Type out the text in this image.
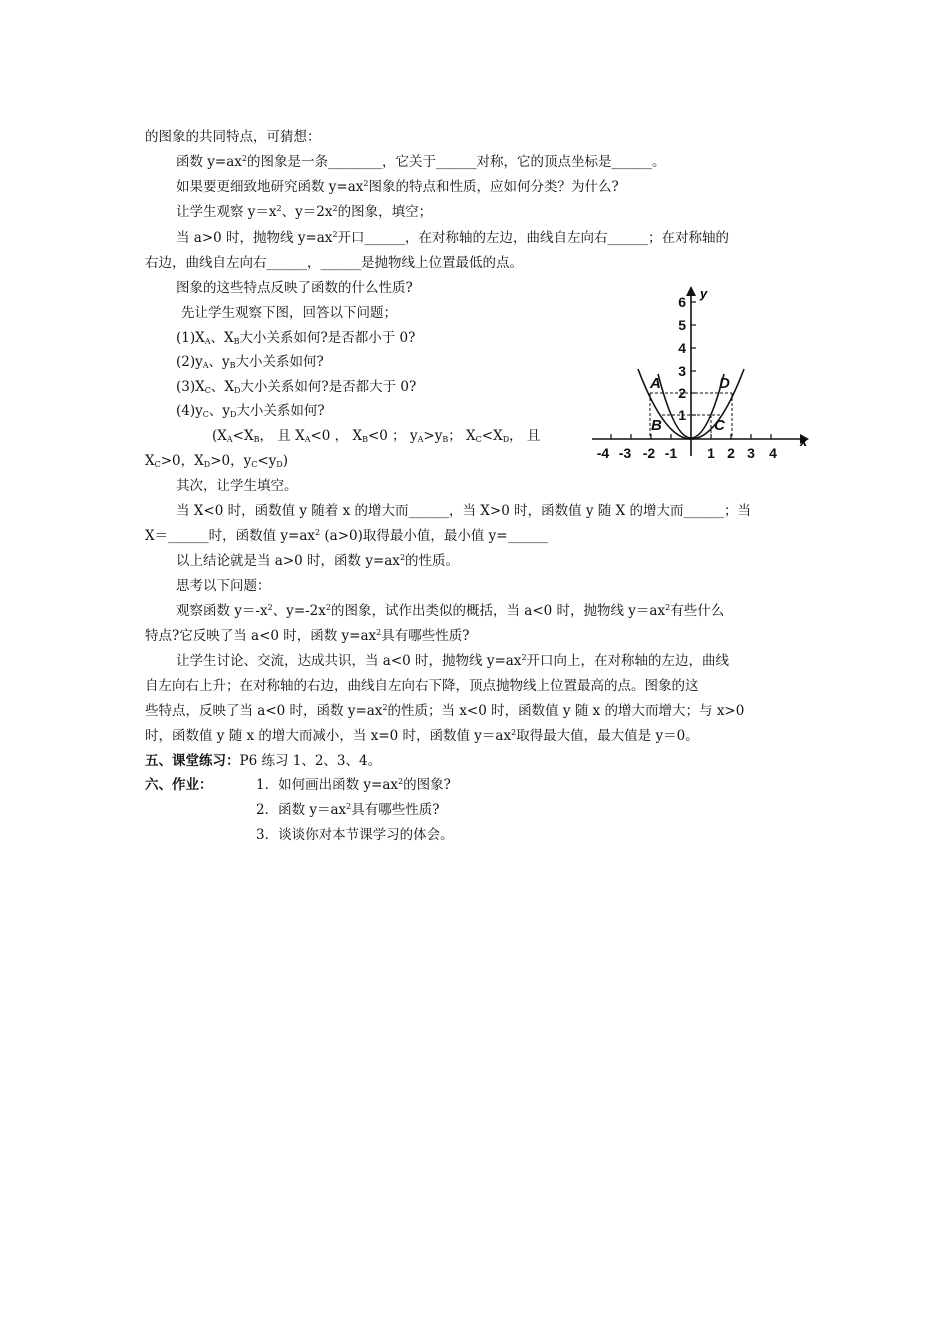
的图象的共同特点，可猜想：
函数 $y=ax^2$的图象是一条________，它关于______对称，它的顶点坐标是______。
如果要更细致地研究函数 $y=ax^2$图象的特点和性质，应如何分类？为什么?
让学生观察 $y=x^2$、$y=2x^2$的图象，填空；
当 a>0 时，抛物线 $y=ax^2$开口______，在对称轴的左边，曲线自左向右______；在对称轴的
右边，曲线自左向右______，______是抛物线上位置最低的点。
图象的这些特点反映了函数的什么性质?
先让学生观察下图，回答以下问题；
$(1)X_A$、$X_B$大小关系如何?是否都小于 0?
$(2)y_A$、$y_B$大小关系如何?
$(3)X_C$、$X_D$大小关系如何?是否都大于 0?
$(4)y_C$、$y_D$大小关系如何?
($X_A<X_B$， 且 $X_A<0$ ， $X_B<0$ ； $y_A>y_B$； $X_C<X_D$， 且
$X_C>0$，$X_D>0$，$y_C<y_D$)
其次，让学生填空。
当 X<0 时，函数值 y 随着 x 的增大而______，当 X>0 时，函数值 y 随 X 的增大而______；当
X＝______时，函数值 $y=ax^2$ (a>0)取得最小值，最小值 y=______
以上结论就是当 a>0 时，函数 $y=ax^2$的性质。
思考以下问题：
观察函数 $y=-x^2$、$y=-2x^2$的图象，试作出类似的概括，当 a<0 时，抛物线 $y=ax^2$有些什么
特点?它反映了当 a<0 时，函数 $y=ax^2$具有哪些性质?
让学生讨论、交流，达成共识，当 a<0 时，抛物线 $y=ax^2$开口向上，在对称轴的左边，曲线
自左向右上升；在对称轴的右边，曲线自左向右下降，顶点抛物线上位置最高的点。图象的这
些特点，反映了当 a<0 时，函数 $y=ax^2$的性质；当 x<0 时，函数值 y 随 x 的增大而增大；与 x>0
时，函数值 y 随 x 的增大而减小，当 x=0 时，函数值 $y=ax^2$取得最大值，最大值是 y＝0。
五、课堂练习：P6 练习 1、2、3、4。
六、作业：	1．如何画出函数 $y=ax^2$的图象?
2．函数 $y=ax^2$具有哪些性质?
3．谈谈你对本节课学习的体会。
x
y
-4 -3 -2 -1 1 2 3 4
1
2
3
4
5
6
A
B	C
D
